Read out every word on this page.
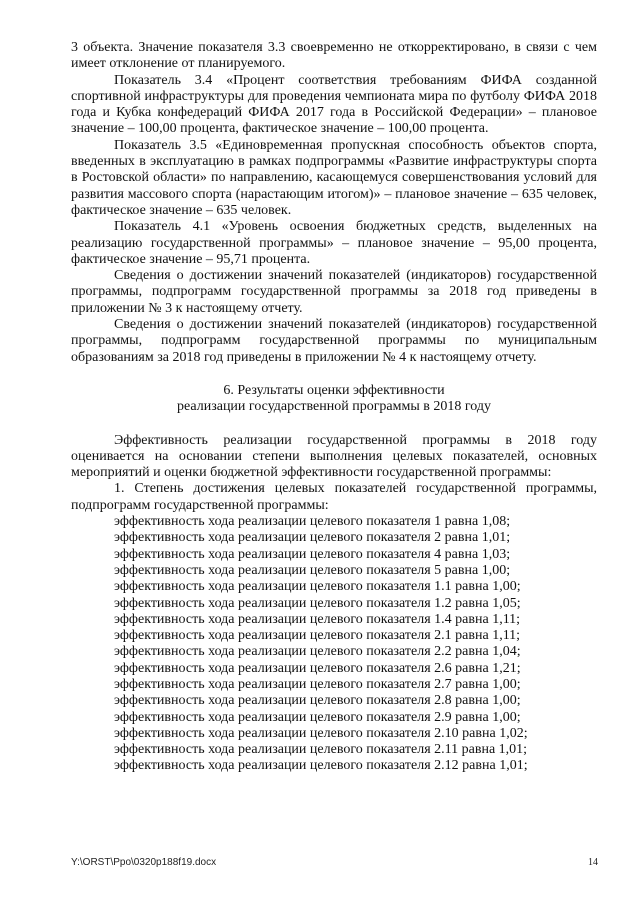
3 объекта. Значение показателя 3.3 своевременно не откорректировано, в связи с чем имеет отклонение от планируемого.

Показатель 3.4 «Процент соответствия требованиям ФИФА созданной спортивной инфраструктуры для проведения чемпионата мира по футболу ФИФА 2018 года и Кубка конфедераций ФИФА 2017 года в Российской Федерации» – плановое значение – 100,00 процента, фактическое значение – 100,00 процента.

Показатель 3.5 «Единовременная пропускная способность объектов спорта, введенных в эксплуатацию в рамках подпрограммы «Развитие инфраструктуры спорта в Ростовской области» по направлению, касающемуся совершенствования условий для развития массового спорта (нарастающим итогом)» – плановое значение – 635 человек, фактическое значение – 635 человек.

Показатель 4.1 «Уровень освоения бюджетных средств, выделенных на реализацию государственной программы» – плановое значение – 95,00 процента, фактическое значение – 95,71 процента.

Сведения о достижении значений показателей (индикаторов) государственной программы, подпрограмм государственной программы за 2018 год приведены в приложении № 3 к настоящему отчету.

Сведения о достижении значений показателей (индикаторов) государственной программы, подпрограмм государственной программы по муниципальным образованиям за 2018 год приведены в приложении № 4 к настоящему отчету.

6. Результаты оценки эффективности

реализации государственной программы в 2018 году

Эффективность реализации государственной программы в 2018 году оценивается на основании степени выполнения целевых показателей, основных мероприятий и оценки бюджетной эффективности государственной программы:

1. Степень достижения целевых показателей государственной программы, подпрограмм государственной программы:

эффективность хода реализации целевого показателя 1 равна 1,08;

эффективность хода реализации целевого показателя 2 равна 1,01;

эффективность хода реализации целевого показателя 4 равна 1,03;

эффективность хода реализации целевого показателя 5 равна 1,00;

эффективность хода реализации целевого показателя 1.1 равна 1,00;

эффективность хода реализации целевого показателя 1.2 равна 1,05;

эффективность хода реализации целевого показателя 1.4 равна 1,11;

эффективность хода реализации целевого показателя 2.1 равна 1,11;

эффективность хода реализации целевого показателя 2.2 равна 1,04;

эффективность хода реализации целевого показателя 2.6 равна 1,21;

эффективность хода реализации целевого показателя 2.7 равна 1,00;

эффективность хода реализации целевого показателя 2.8 равна 1,00;

эффективность хода реализации целевого показателя 2.9 равна 1,00;

эффективность хода реализации целевого показателя 2.10 равна 1,02;

эффективность хода реализации целевого показателя 2.11 равна 1,01;

эффективность хода реализации целевого показателя 2.12 равна 1,01;

Y:\ORST\Ppo\0320p188f19.docx	14
